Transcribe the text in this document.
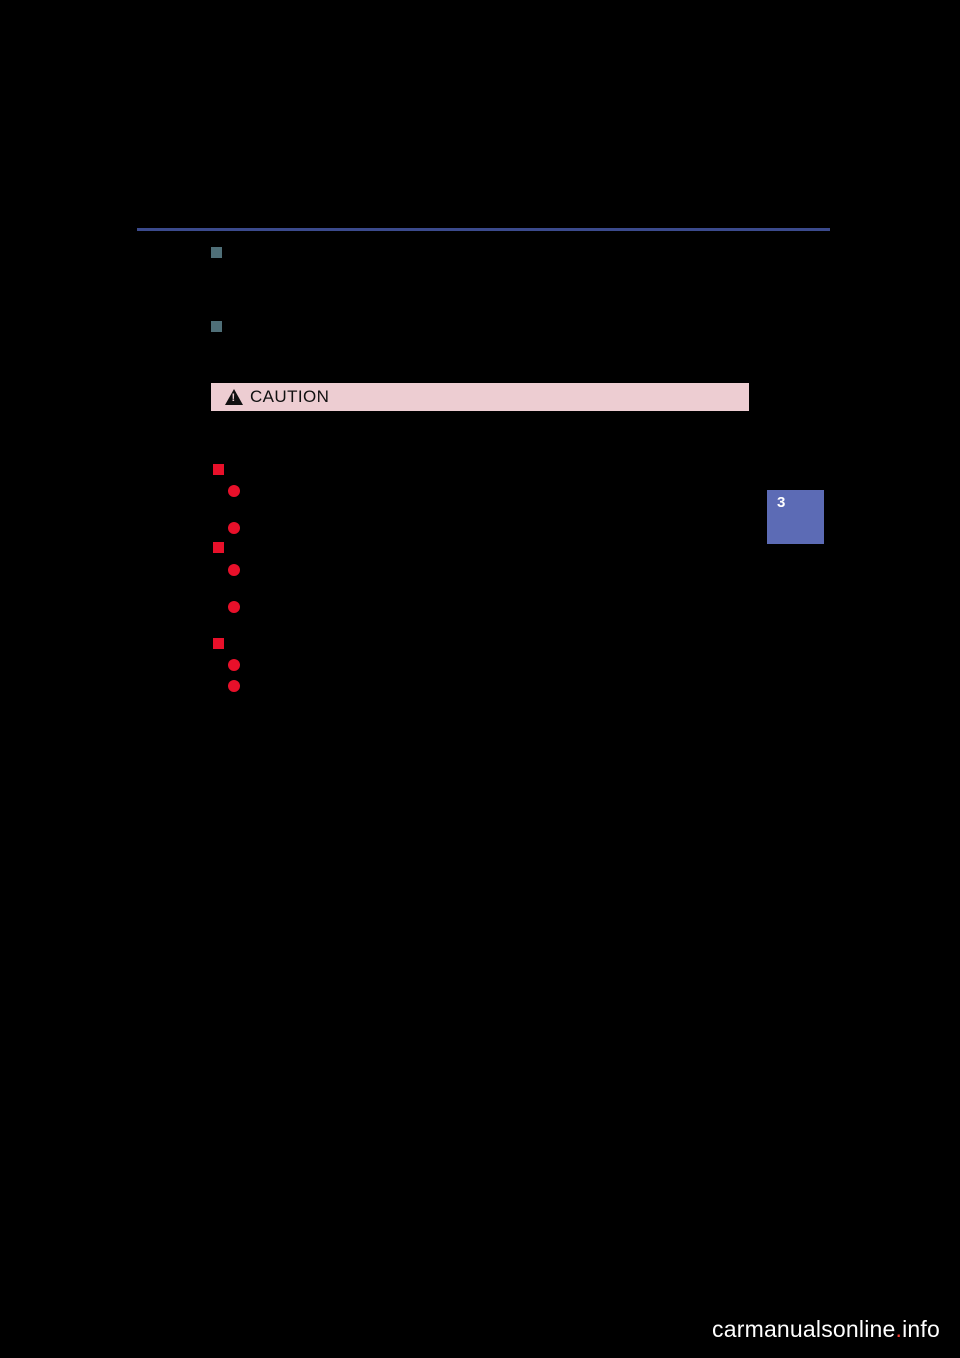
3
!
CAUTION
carmanualsonline.info
